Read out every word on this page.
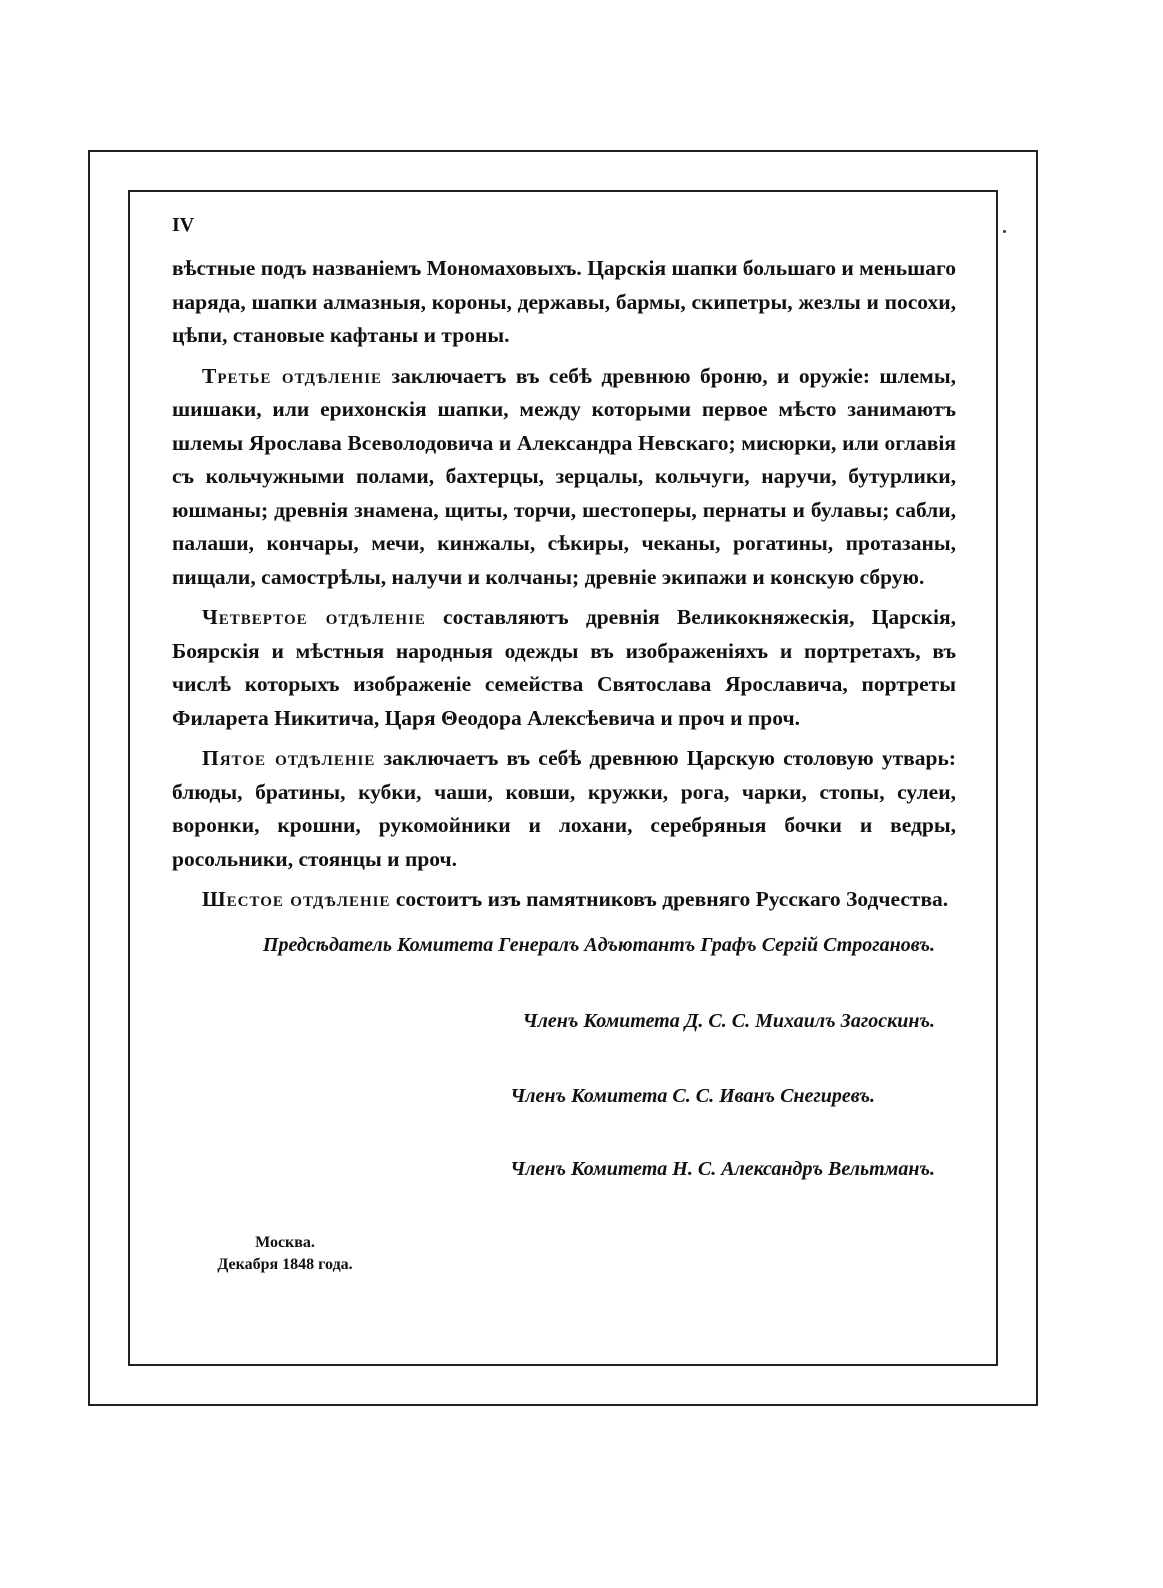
IV

вѣстные подъ названіемъ Мономаховыхъ. Царскія шапки большаго и меньшаго наряда, шапки алмазныя, короны, державы, бармы, скипетры, жезлы и посохи, цѣпи, становые кафтаны и троны.

Третье отдѣленіе заключаетъ въ себѣ древнюю броню, и оружіе: шлемы, шишаки, или ерихонскія шапки, между которыми первое мѣсто занимаютъ шлемы Ярослава Всеволодовича и Александра Невскаго; мисюрки, или оглавія съ кольчужными полами, бахтерцы, зерцалы, кольчуги, наручи, бутурлики, юшманы; древнія знамена, щиты, торчи, шестоперы, пернаты и булавы; сабли, палаши, кончары, мечи, кинжалы, сѣкиры, чеканы, рогатины, протазаны, пищали, самострѣлы, налучи и колчаны; древніе экипажи и конскую сбрую.

Четвертое отдѣленіе составляютъ древнія Великокняжескія, Царскія, Боярскія и мѣстныя народныя одежды въ изображеніяхъ и портретахъ, въ числѣ которыхъ изображеніе семейства Святослава Ярославича, портреты Филарета Никитича, Царя Θеодора Алексѣевича и проч и проч.

Пятое отдѣленіе заключаетъ въ себѣ древнюю Царскую столовую утварь: блюды, братины, кубки, чаши, ковши, кружки, рога, чарки, стопы, сулеи, воронки, крошни, рукомойники и лохани, серебряныя бочки и ведры, росольники, стоянцы и проч.

Шестое отдѣленіе состоитъ изъ памятниковъ древняго Русскаго Зодчества.

Предсѣдатель Комитета Генералъ Адъютантъ Графъ Сергій Строгановъ.
Членъ Комитета Д. С. С. Михаилъ Загоскинъ.
Членъ Комитета С. С. Иванъ Снегиревъ.
Членъ Комитета Н. С. Александръ Вельтманъ.
Москва.
Декабря 1848 года.
